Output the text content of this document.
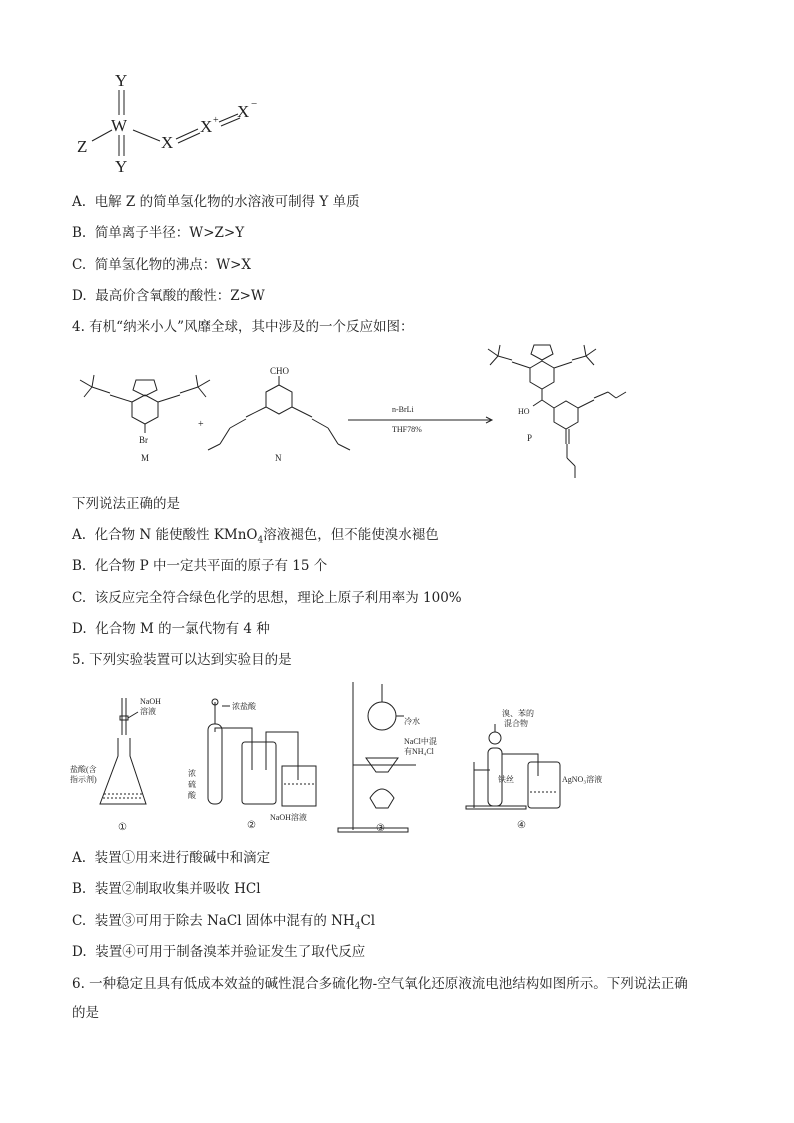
Y
W
Y
Z	X
X + X −
A. 电解 Z 的简单氢化物的水溶液可制得 Y 单质
B. 简单离子半径：W>Z>Y
C. 简单氢化物的沸点：W>X
D. 最高价含氧酸的酸性：Z>W
4. 有机“纳米小人”风靡全球，其中涉及的一个反应如图：
Br
M
+
CHO
N
n-BrLi
THF78%
HO
P
下列说法正确的是
A. 化合物 N 能使酸性 KMnO$_4$溶液褪色，但不能使溴水褪色
B. 化合物 P 中一定共平面的原子有 15 个
C. 该反应完全符合绿色化学的思想，理论上原子利用率为 100%
D. 化合物 M 的一氯代物有 4 种
5. 下列实验装置可以达到实验目的是
NaOH
溶液
盐酸(含
指示剂)
①
浓盐酸
浓
硫
酸
NaOH溶液
②
冷水
NaCl中混
有NH₄Cl
③
溴、苯的
混合物
铁丝	AgNO₃溶液
④
A. 装置①用来进行酸碱中和滴定
B. 装置②制取收集并吸收 HCl
C. 装置③可用于除去 NaCl 固体中混有的 $NH_4Cl$
D. 装置④可用于制备溴苯并验证发生了取代反应
6. 一种稳定且具有低成本效益的碱性混合多硫化物-空气氧化还原液流电池结构如图所示。下列说法正确
的是
